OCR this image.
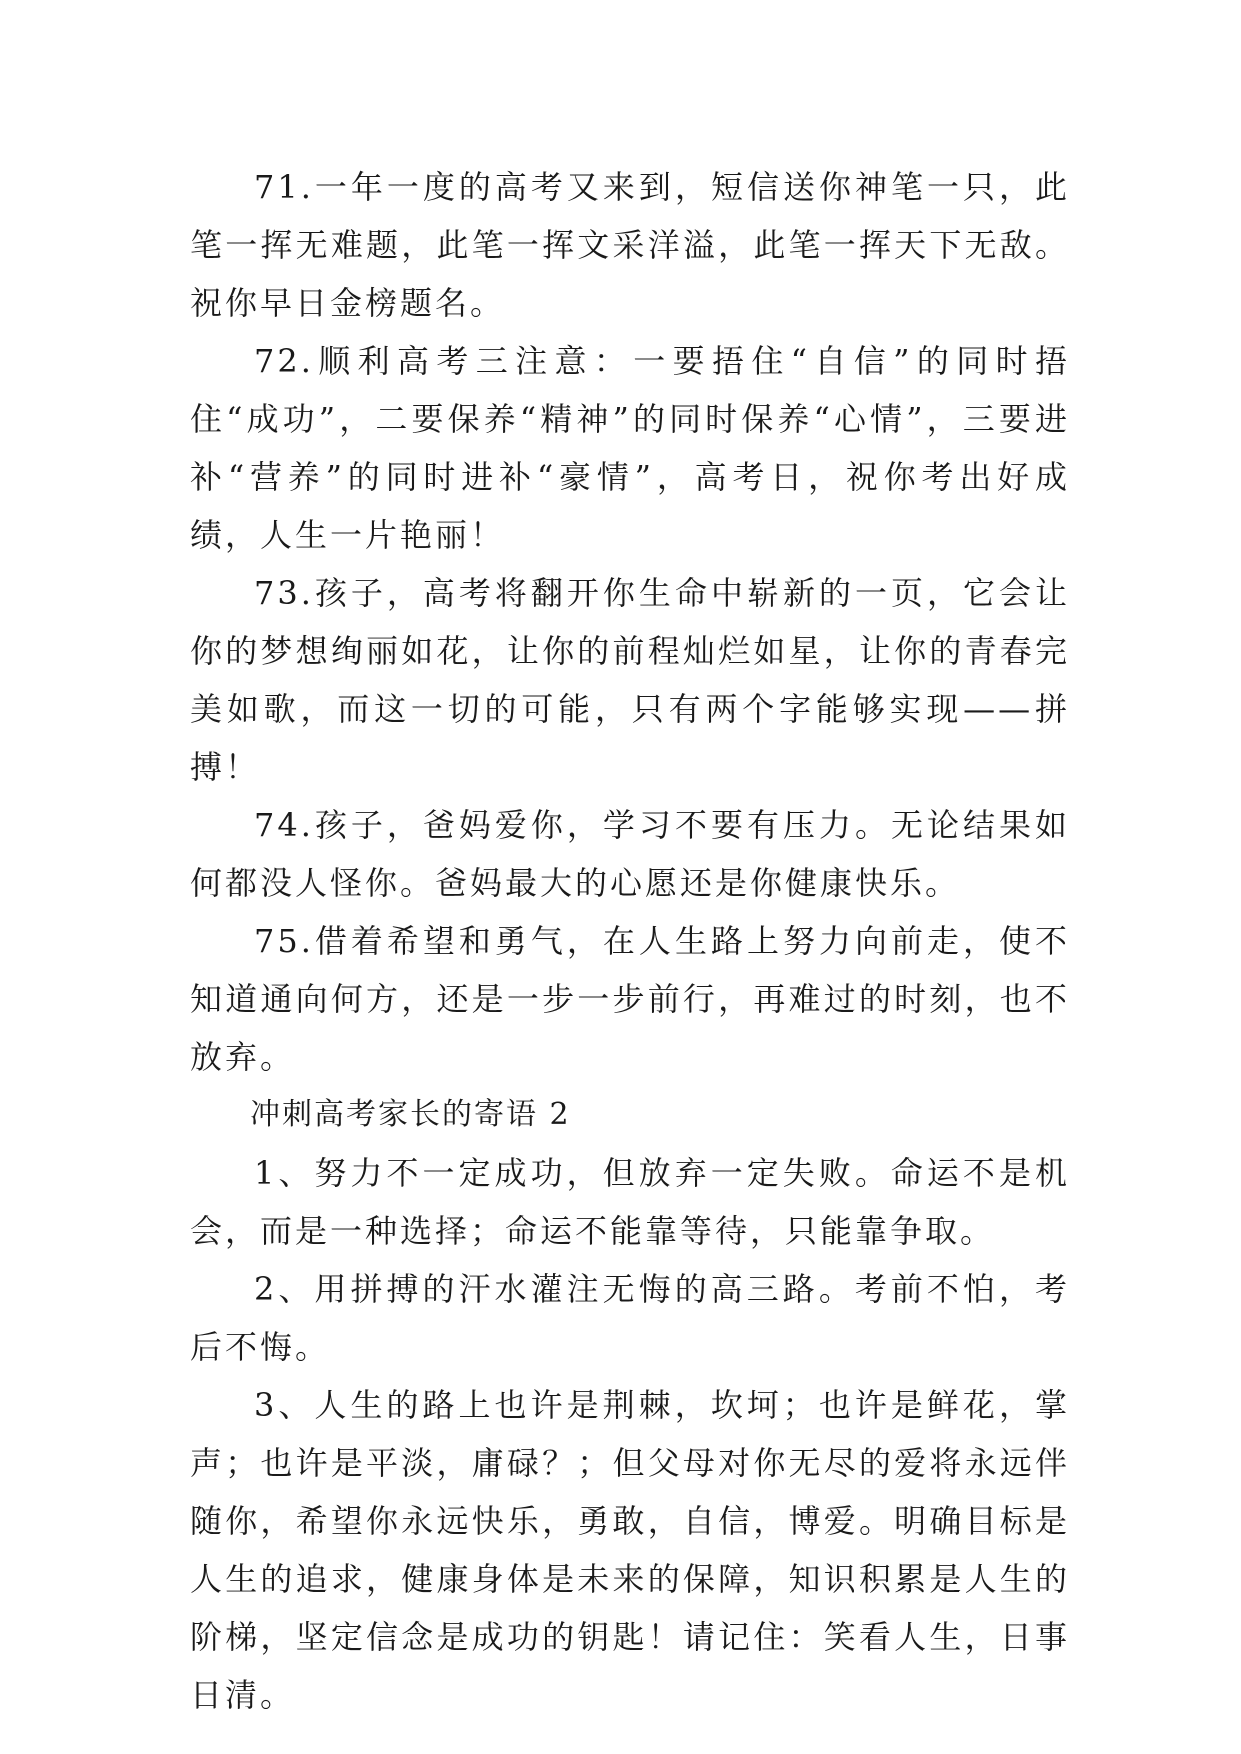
71.一年一度的高考又来到，短信送你神笔一只，此笔一挥无难题，此笔一挥文采洋溢，此笔一挥天下无敌。祝你早日金榜题名。

72.顺利高考三注意：一要捂住“自信”的同时捂住“成功”，二要保养“精神”的同时保养“心情”，三要进补“营养”的同时进补“豪情”，高考日，祝你考出好成绩，人生一片艳丽！

73.孩子，高考将翻开你生命中崭新的一页，它会让你的梦想绚丽如花，让你的前程灿烂如星，让你的青春完美如歌，而这一切的可能，只有两个字能够实现——拼搏！

74.孩子，爸妈爱你，学习不要有压力。无论结果如何都没人怪你。爸妈最大的心愿还是你健康快乐。

75.借着希望和勇气，在人生路上努力向前走，使不知道通向何方，还是一步一步前行，再难过的时刻，也不放弃。

冲刺高考家长的寄语 2

1、努力不一定成功，但放弃一定失败。命运不是机会，而是一种选择；命运不能靠等待，只能靠争取。

2、用拼搏的汗水灌注无悔的高三路。考前不怕，考后不悔。

3、人生的路上也许是荆棘，坎坷；也许是鲜花，掌声；也许是平淡，庸碌？；但父母对你无尽的爱将永远伴随你，希望你永远快乐，勇敢，自信，博爱。明确目标是人生的追求，健康身体是未来的保障，知识积累是人生的阶梯，坚定信念是成功的钥匙！请记住：笑看人生，日事日清。
